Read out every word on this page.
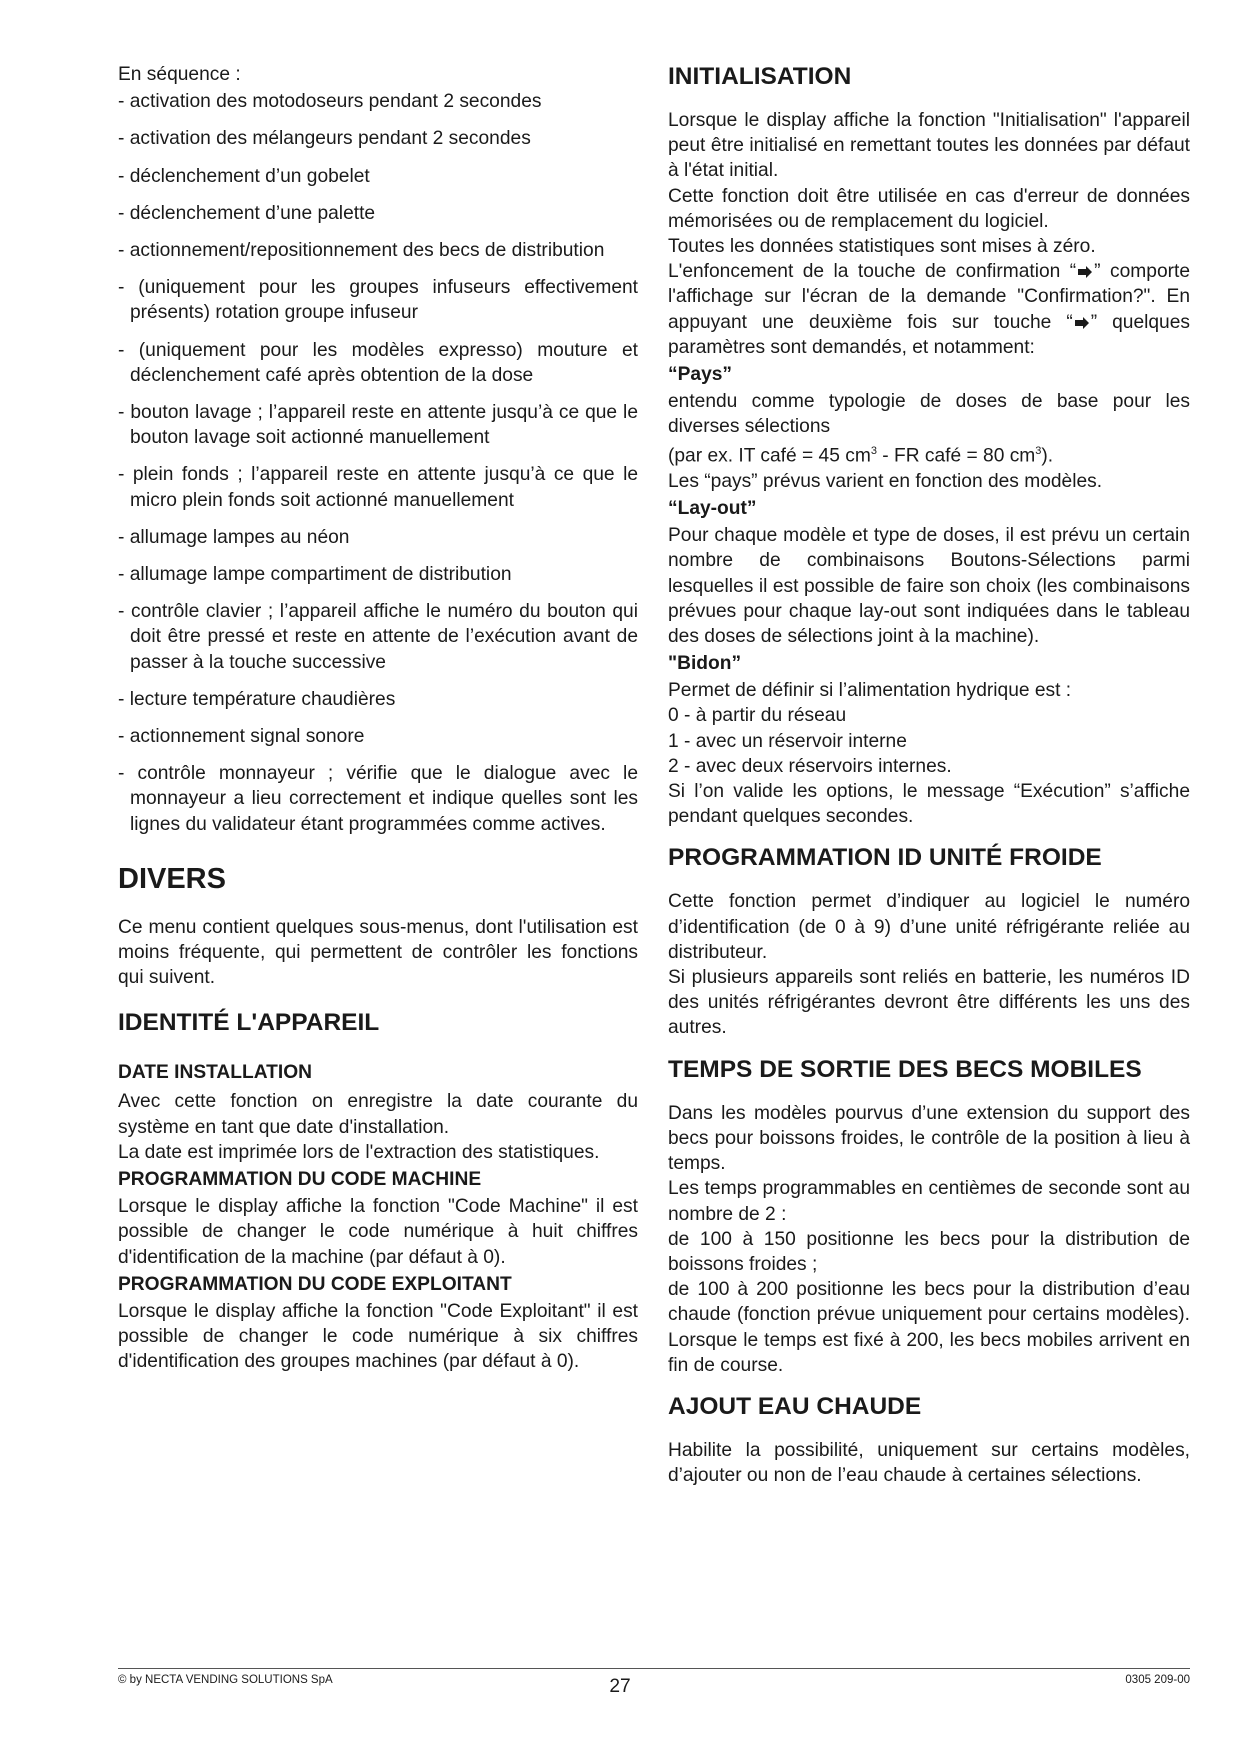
En séquence :

- activation des motodoseurs pendant 2 secondes
- activation des mélangeurs pendant 2 secondes
- déclenchement d’un gobelet
- déclenchement d’une palette
- actionnement/repositionnement des becs de distribution
- (uniquement pour les groupes infuseurs effectivement présents) rotation groupe infuseur
- (uniquement pour les modèles expresso) mouture et déclenchement café après obtention de la dose
- bouton lavage ; l’appareil reste en attente jusqu’à ce que le bouton lavage soit actionné manuellement
- plein fonds ; l’appareil reste en attente jusqu’à ce que le micro plein fonds soit actionné manuellement
- allumage lampes au néon
- allumage lampe compartiment de distribution
- contrôle clavier ; l’appareil affiche le numéro du bouton qui doit être pressé et reste en attente de l’exécution avant de passer à la touche successive
- lecture température chaudières
- actionnement signal sonore
- contrôle monnayeur ; vérifie que le dialogue avec le monnayeur a lieu correctement et indique quelles sont les lignes du validateur étant programmées comme actives.
DIVERS

Ce menu contient quelques sous-menus, dont l'utilisation est moins fréquente, qui permettent de contrôler les fonctions qui suivent.

IDENTITÉ L'APPAREIL
DATE INSTALLATION

Avec cette fonction on enregistre la date courante du système en tant que date d'installation.

La date est imprimée lors de l'extraction des statistiques.

PROGRAMMATION DU CODE MACHINE

Lorsque le display affiche la fonction "Code Machine" il est possible de changer le code numérique à huit chiffres d'identification de la machine (par défaut à 0).

PROGRAMMATION DU CODE EXPLOITANT

Lorsque le display affiche la fonction "Code Exploitant" il est possible de changer le code numérique à six chiffres d'identification des groupes machines (par défaut à 0).

INITIALISATION

Lorsque le display affiche la fonction "Initialisation" l'appareil peut être initialisé en remettant toutes les données par défaut à l'état initial.

Cette fonction doit être utilisée en cas d'erreur de données mémorisées ou de remplacement du logiciel.

Toutes les données statistiques sont mises à zéro.

L'enfoncement de la touche de confirmation “ ” comporte l'affichage sur l'écran de la demande "Confirmation?". En appuyant une deuxième fois sur touche “ ” quelques paramètres sont demandés, et notamment:

“Pays”

entendu comme typologie de doses de base pour les diverses sélections

(par ex. IT café = 45 $cm^3$ - FR café = 80 $cm^3$).

Les “pays” prévus varient en fonction des modèles.

“Lay-out”

Pour chaque modèle et type de doses, il est prévu un certain nombre de combinaisons Boutons-Sélections parmi lesquelles il est possible de faire son choix (les combinaisons prévues pour chaque lay-out sont indiquées dans le tableau des doses de sélections joint à la machine).

"Bidon”

Permet de définir si l’alimentation hydrique est :

0 - à partir du réseau

1 - avec un réservoir interne

2 - avec deux réservoirs internes.

Si l’on valide les options, le message “Exécution” s’affiche pendant quelques secondes.

PROGRAMMATION ID UNITÉ FROIDE

Cette fonction permet d’indiquer au logiciel le numéro d’identification (de 0 à 9) d’une unité réfrigérante reliée au distributeur.

Si plusieurs appareils sont reliés en batterie, les numéros ID des unités réfrigérantes devront être différents les uns des autres.

TEMPS DE SORTIE DES BECS MOBILES

Dans les modèles pourvus d’une extension du support des becs pour boissons froides, le contrôle de la position à lieu à temps.

Les temps programmables en centièmes de seconde sont au nombre de 2 :

de 100 à 150 positionne les becs pour la distribution de boissons froides ;

de 100 à 200 positionne les becs pour la distribution d’eau chaude (fonction prévue uniquement pour certains modèles). Lorsque le temps est fixé à 200, les becs mobiles arrivent en fin de course.

AJOUT EAU CHAUDE

Habilite la possibilité, uniquement sur certains modèles, d’ajouter ou non de l’eau chaude à certaines sélections.

© by NECTA VENDING SOLUTIONS SpA	27	0305 209-00
